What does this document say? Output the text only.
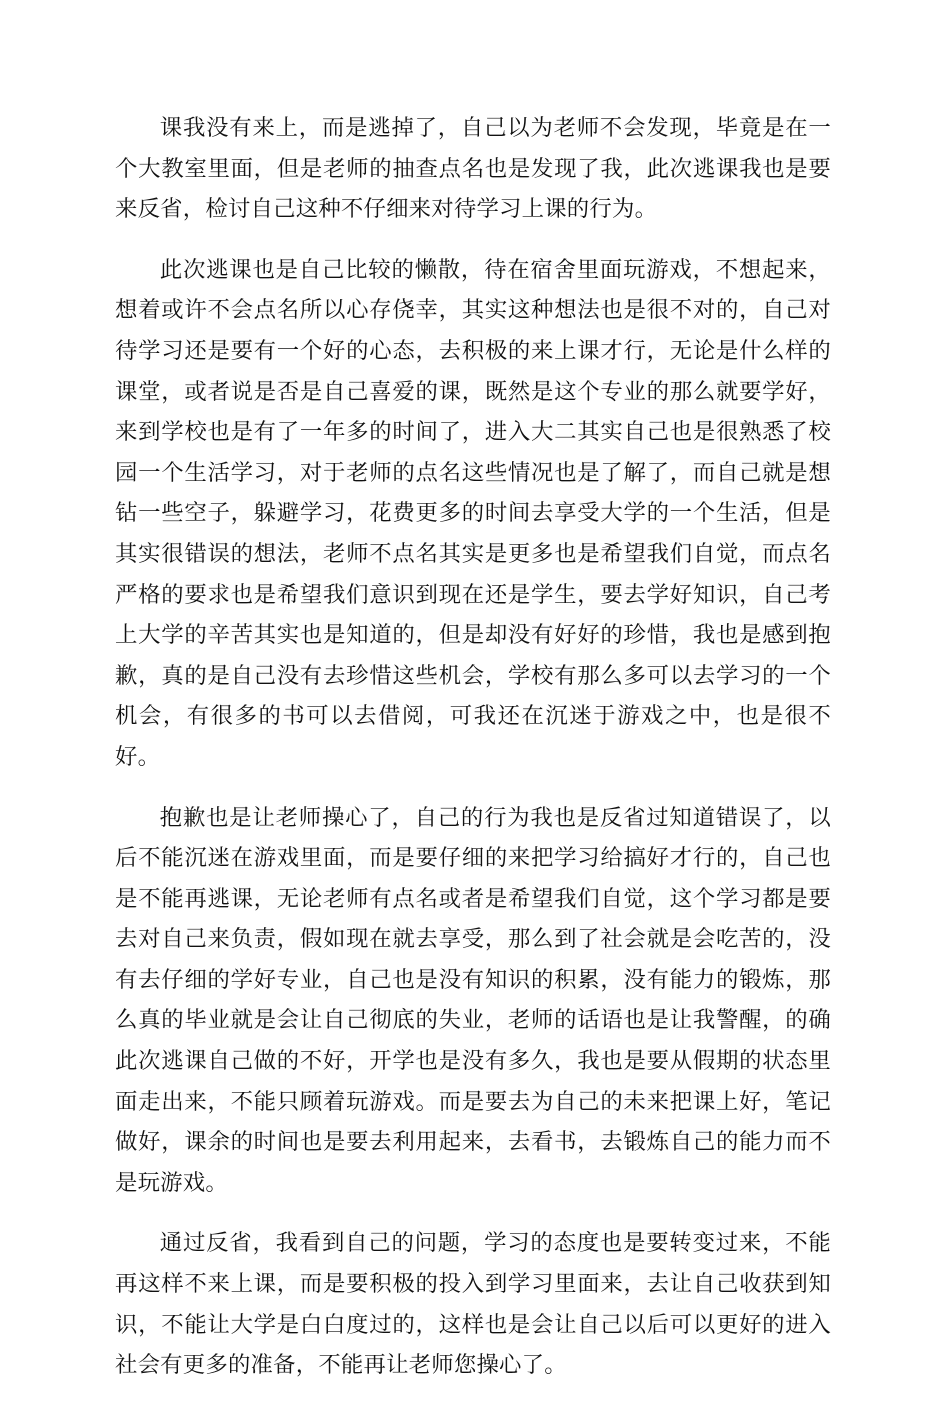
课我没有来上，而是逃掉了，自己以为老师不会发现，毕竟是在一个大教室里面，但是老师的抽查点名也是发现了我，此次逃课我也是要来反省，检讨自己这种不仔细来对待学习上课的行为。

此次逃课也是自己比较的懒散，待在宿舍里面玩游戏，不想起来，想着或许不会点名所以心存侥幸，其实这种想法也是很不对的，自己对待学习还是要有一个好的心态，去积极的来上课才行，无论是什么样的课堂，或者说是否是自己喜爱的课，既然是这个专业的那么就要学好，来到学校也是有了一年多的时间了，进入大二其实自己也是很熟悉了校园一个生活学习，对于老师的点名这些情况也是了解了，而自己就是想钻一些空子，躲避学习，花费更多的时间去享受大学的一个生活，但是其实很错误的想法，老师不点名其实是更多也是希望我们自觉，而点名严格的要求也是希望我们意识到现在还是学生，要去学好知识，自己考上大学的辛苦其实也是知道的，但是却没有好好的珍惜，我也是感到抱歉，真的是自己没有去珍惜这些机会，学校有那么多可以去学习的一个机会，有很多的书可以去借阅，可我还在沉迷于游戏之中，也是很不好。

抱歉也是让老师操心了，自己的行为我也是反省过知道错误了，以后不能沉迷在游戏里面，而是要仔细的来把学习给搞好才行的，自己也是不能再逃课，无论老师有点名或者是希望我们自觉，这个学习都是要去对自己来负责，假如现在就去享受，那么到了社会就是会吃苦的，没有去仔细的学好专业，自己也是没有知识的积累，没有能力的锻炼，那么真的毕业就是会让自己彻底的失业，老师的话语也是让我警醒，的确此次逃课自己做的不好，开学也是没有多久，我也是要从假期的状态里面走出来，不能只顾着玩游戏。而是要去为自己的未来把课上好，笔记做好，课余的时间也是要去利用起来，去看书，去锻炼自己的能力而不是玩游戏。

通过反省，我看到自己的问题，学习的态度也是要转变过来，不能再这样不来上课，而是要积极的投入到学习里面来，去让自己收获到知识，不能让大学是白白度过的，这样也是会让自己以后可以更好的进入社会有更多的准备，不能再让老师您操心了。
